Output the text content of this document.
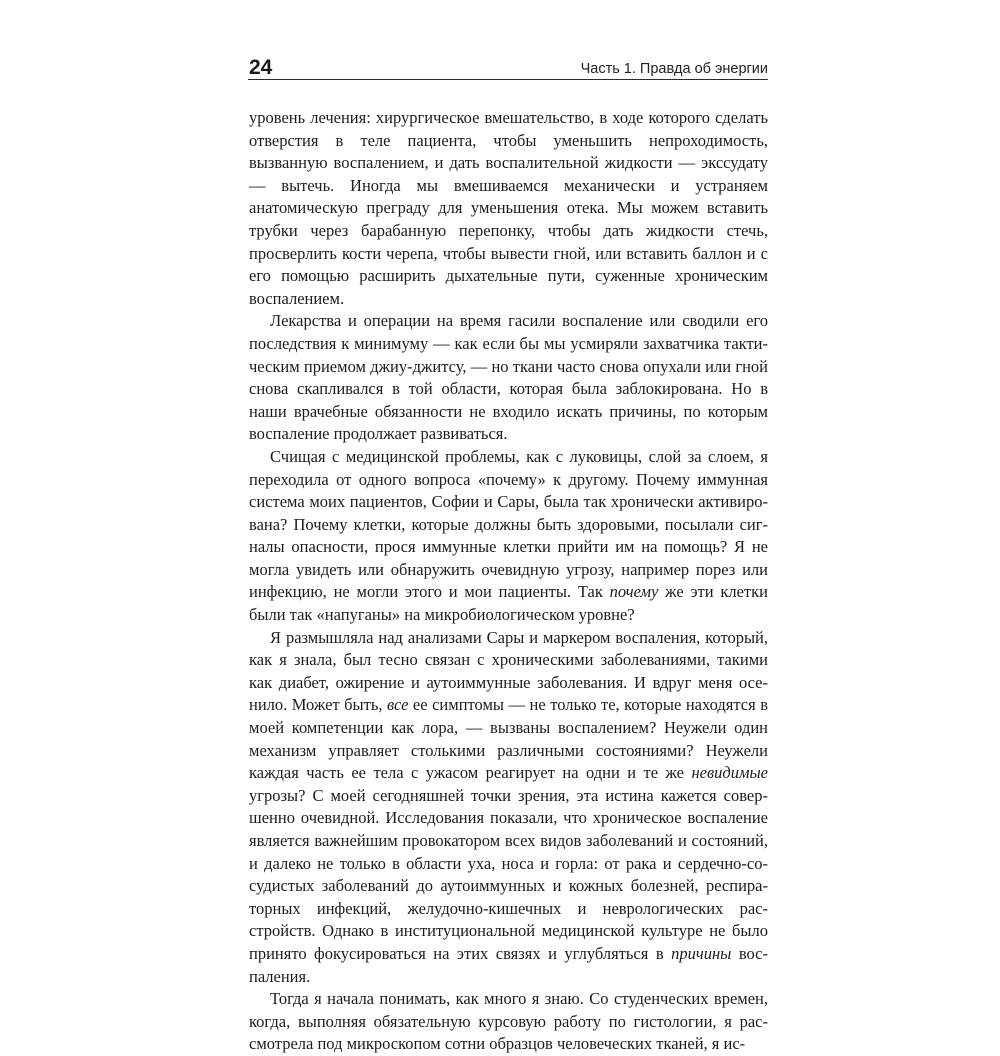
24	Часть 1. Правда об энергии

уровень лечения: хирургическое вмешательство, в ходе которого сделать отверстия в теле пациента, чтобы уменьшить непроходимость, вызванную воспалением, и дать воспалительной жидкости — экссудату — вытечь. Иногда мы вмешиваемся механически и устраняем анатомическую преграду для уменьшения отека. Мы можем вставить трубки через барабанную перепонку, чтобы дать жидкости стечь, просверлить кости черепа, чтобы вывести гной, или вставить баллон и с его помощью расширить дыхательные пути, суженные хроническим воспалением.

Лекарства и операции на время гасили воспаление или сводили его последствия к минимуму — как если бы мы усмиряли захватчика тактическим приемом джиу-джитсу, — но ткани часто снова опухали или гной снова скапливался в той области, которая была заблокирована. Но в наши врачебные обязанности не входило искать причины, по которым воспаление продолжает развиваться.

Счищая с медицинской проблемы, как с луковицы, слой за слоем, я переходила от одного вопроса «почему» к другому. Почему иммунная система моих пациентов, Софии и Сары, была так хронически активирована? Почему клетки, которые должны быть здоровыми, посылали сигналы опасности, прося иммунные клетки прийти им на помощь? Я не могла увидеть или обнаружить очевидную угрозу, например порез или инфекцию, не могли этого и мои пациенты. Так почему же эти клетки были так «напуганы» на микробиологическом уровне?

Я размышляла над анализами Сары и маркером воспаления, который, как я знала, был тесно связан с хроническими заболеваниями, такими как диабет, ожирение и аутоиммунные заболевания. И вдруг меня осенило. Может быть, все ее симптомы — не только те, которые находятся в моей компетенции как лора, — вызваны воспалением? Неужели один механизм управляет столькими различными состояниями? Неужели каждая часть ее тела с ужасом реагирует на одни и те же невидимые угрозы? С моей сегодняшней точки зрения, эта истина кажется совершенно очевидной. Исследования показали, что хроническое воспаление является важнейшим провокатором всех видов заболеваний и состояний, и далеко не только в области уха, носа и горла: от рака и сердечно-сосудистых заболеваний до аутоиммунных и кожных болезней, респираторных инфекций, желудочно-кишечных и неврологических расстройств. Однако в институциональной медицинской культуре не было принято фокусироваться на этих связях и углубляться в причины воспаления.

Тогда я начала понимать, как много я знаю. Со студенческих времен, когда, выполняя обязательную курсовую работу по гистологии, я рассмотрела под микроскопом сотни образцов человеческих тканей, я ис-
